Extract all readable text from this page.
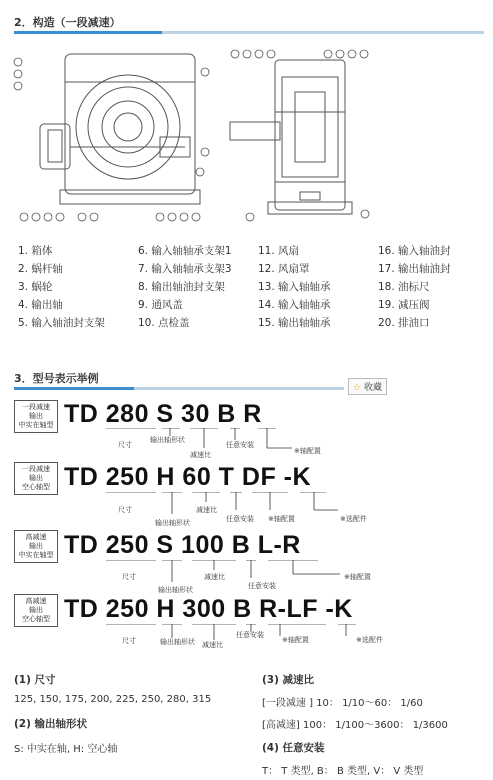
2．构造（一段减速）
1. 箱体	6. 输入轴轴承支架1	11. 风扇	16. 输入轴油封
2. 蜗杆轴	7. 输入轴轴承支架3	12. 风扇罩	17. 输出轴油封
3. 蜗轮	8. 输出轴油封支架	13. 输入轴轴承	18. 油标尺
4. 输出轴	9. 通风盖	14. 输入轴轴承	19. 减压阀
5. 输入轴油封支架	10. 点检盖	15. 输出轴轴承	20. 排油口
3．型号表示举例
☆ 收藏
一段减速
输出
中实在轴型 TD 280 S 30 B R
尺寸
输出轴形状
减速比
任意安装
※轴配置
一段减速
输出
空心轴型 TD 250 H 60 T DF -K
尺寸
输出轴形状
减速比
任意安装 ※轴配置	※选配件
高减速
输出
中实在轴型 TD 250 S 100 B L-R
尺寸
输出轴形状
减速比
任意安装
※轴配置
高减速
输出
空心轴型 TD 250 H 300 B R-LF -K
尺寸	输出轴形状 减速比
任意安装
※轴配置	※选配件
(1) 尺寸
125, 150, 175, 200, 225, 250, 280, 315
(2) 输出轴形状
S: 中实在轴, H: 空心轴
(3) 减速比
[一段减速 ] 10： 1/10～60： 1/60
[高减速] 100： 1/100～3600： 1/3600
(4) 任意安装
T： T 类型, B： B 类型, V： V 类型
